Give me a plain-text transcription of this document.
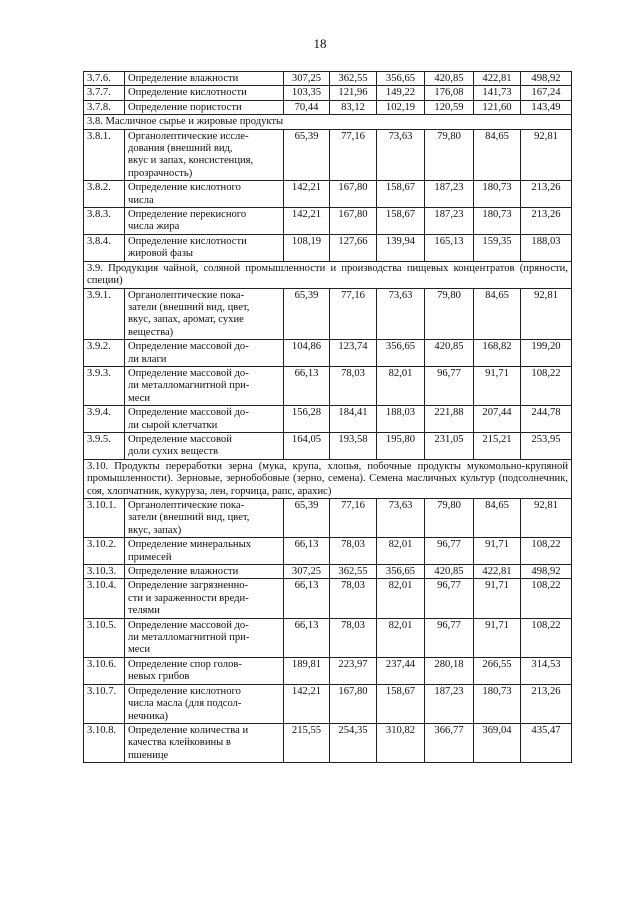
18
3.7.6.	Определение влажности	307,25	362,55	356,65	420,85	422,81	498,92
3.7.7.	Определение кислотности	103,35	121,96	149,22	176,08	141,73	167,24
3.7.8.	Определение пористости	70,44	83,12	102,19	120,59	121,60	143,49
3.8. Масличное сырье и жировые продукты							
3.8.1.	Органолептические иссле-
дования (внешний вид,
вкус и запах, консистенция,
прозрачность)	65,39	77,16	73,63	79,80	84,65	92,81
3.8.2.	Определение кислотного
числа	142,21	167,80	158,67	187,23	180,73	213,26
3.8.3.	Определение перекисного
числа жира	142,21	167,80	158,67	187,23	180,73	213,26
3.8.4.	Определение кислотности
жировой фазы	108,19	127,66	139,94	165,13	159,35	188,03
3.9. Продукция чайной, соляной промышленности и производства пищевых концентратов (пряности, специи)							
3.9.1.	Органолептические пока-
затели (внешний вид, цвет,
вкус, запах, аромат, сухие
вещества)	65,39	77,16	73,63	79,80	84,65	92,81
3.9.2.	Определение массовой до-
ли влаги	104,86	123,74	356,65	420,85	168,82	199,20
3.9.3.	Определение массовой до-
ли металломагнитной при-
меси	66,13	78,03	82,01	96,77	91,71	108,22
3.9.4.	Определение массовой до-
ли сырой клетчатки	156,28	184,41	188,03	221,88	207,44	244,78
3.9.5.	Определение массовой
доли сухих веществ	164,05	193,58	195,80	231,05	215,21	253,95
3.10. Продукты переработки зерна (мука, крупа, хлопья, побочные продукты мукомольно-крупяной промышленности). Зерновые, зернобобовые (зерно, семена). Семена масличных культур (подсолнечник, соя, хлопчатник, кукуруза, лен, горчица, рапс, арахис)							
3.10.1.	Органолептические пока-
затели (внешний вид, цвет,
вкус, запах)	65,39	77,16	73,63	79,80	84,65	92,81
3.10.2.	Определение минеральных
примесей	66,13	78,03	82,01	96,77	91,71	108,22
3.10.3.	Определение влажности	307,25	362,55	356,65	420,85	422,81	498,92
3.10.4.	Определение загрязненно-
сти и зараженности вреди-
телями	66,13	78,03	82,01	96,77	91,71	108,22
3.10.5.	Определение массовой до-
ли металломагнитной при-
меси	66,13	78,03	82,01	96,77	91,71	108,22
3.10.6.	Определение спор голов-
невых грибов	189,81	223,97	237,44	280,18	266,55	314,53
3.10.7.	Определение кислотного
числа масла (для подсол-
нечника)	142,21	167,80	158,67	187,23	180,73	213,26
3.10.8.	Определение количества и
качества клейковины в
пшенице	215,55	254,35	310,82	366,77	369,04	435,47
